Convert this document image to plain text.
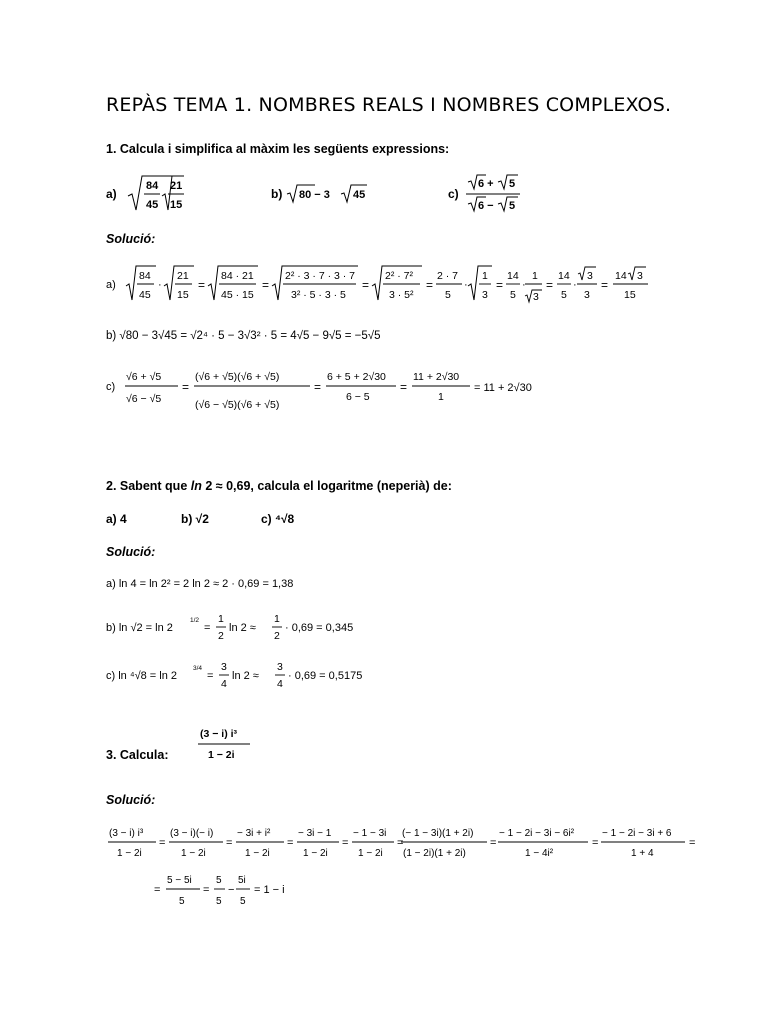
REPÀS TEMA 1. NOMBRES REALS I NOMBRES COMPLEXOS.
1. Calcula i simplifica al màxim les següents expressions:
a)
84
45
21
15
b) 80 − 3 45	c)
6 + 5
6 − 5
Solució:
a)
84
45
·
21
15
=
84 · 21
45 · 15
=
2² · 3 · 7 · 3 · 7
3² · 5 · 3 · 5
=
2² · 7²
3 · 5²
=
2 · 7
5
·
1
3
=
14
5
·
1
3
=
14
5
·
3
3
=
14 3
15
b) √80 − 3√45 = √2⁴ · 5 − 3√3² · 5 = 4√5 − 9√5 = −5√5
c)
√6 + √5
√6 − √5
=
(√6 + √5)(√6 + √5)
(√6 − √5)(√6 + √5)
=
6 + 5 + 2√30
6 − 5
=
11 + 2√30
1
= 11 + 2√30
2. Sabent que ln 2 ≈ 0,69, calcula el logaritme (neperià) de:
a) 4	b) √2	c) ⁴√8
Solució:
a) ln 4 = ln 2² = 2 ln 2 ≈ 2 · 0,69 = 1,38
b) ln √2 = ln 2
1/2
=
1
2
ln 2 ≈
1
2
· 0,69 = 0,345
c) ln ⁴√8 = ln 2
3/4
=
3
4
ln 2 ≈
3
4
· 0,69 = 0,5175
3. Calcula:
(3 − i) i³
1 − 2i
Solució:
(3 − i) i³
1 − 2i
=
(3 − i)(− i)
1 − 2i
=
− 3i + i²
1 − 2i
=
− 3i − 1
1 − 2i
=
− 1 − 3i
1 − 2i
=
(− 1 − 3i)(1 + 2i)
(1 − 2i)(1 + 2i)
=
− 1 − 2i − 3i − 6i²
1 − 4i²
=
− 1 − 2i − 3i + 6
1 + 4
=
=
5 − 5i
5
=
5
5
−
5i
5
= 1 − i
